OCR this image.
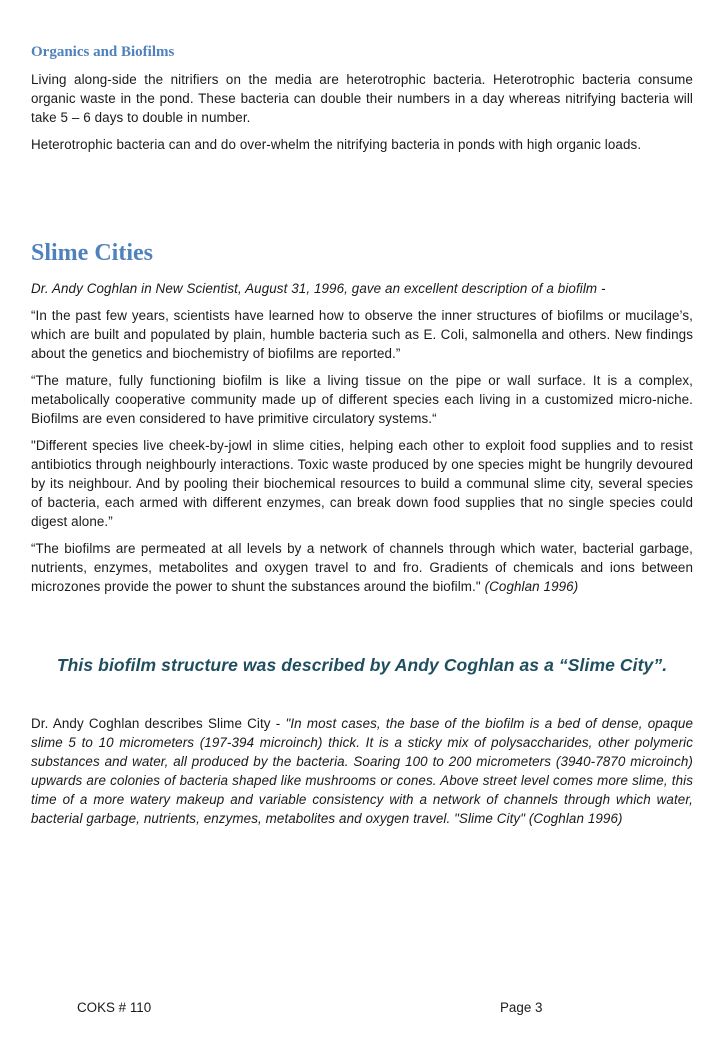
Organics and Biofilms

Living along-side the nitrifiers on the media are heterotrophic bacteria. Heterotrophic bacteria consume organic waste in the pond. These bacteria can double their numbers in a day whereas nitrifying bacteria will take 5 – 6 days to double in number.

Heterotrophic bacteria can and do over-whelm the nitrifying bacteria in ponds with high organic loads.

Slime Cities

Dr. Andy Coghlan in New Scientist, August 31, 1996, gave an excellent description of a biofilm -

“In the past few years, scientists have learned how to observe the inner structures of biofilms or mucilage’s, which are built and populated by plain, humble bacteria such as E. Coli, salmonella and others. New findings about the genetics and biochemistry of biofilms are reported.”

“The mature, fully functioning biofilm is like a living tissue on the pipe or wall surface. It is a complex, metabolically cooperative community made up of different species each living in a customized micro-niche. Biofilms are even considered to have primitive circulatory systems.“

"Different species live cheek-by-jowl in slime cities, helping each other to exploit food supplies and to resist antibiotics through neighbourly interactions. Toxic waste produced by one species might be hungrily devoured by its neighbour. And by pooling their biochemical resources to build a communal slime city, several species of bacteria, each armed with different enzymes, can break down food supplies that no single species could digest alone.”

“The biofilms are permeated at all levels by a network of channels through which water, bacterial garbage, nutrients, enzymes, metabolites and oxygen travel to and fro. Gradients of chemicals and ions between microzones provide the power to shunt the substances around the biofilm." (Coghlan 1996)

This biofilm structure was described by Andy Coghlan as a “Slime City”.

Dr. Andy Coghlan describes Slime City - "In most cases, the base of the biofilm is a bed of dense, opaque slime 5 to 10 micrometers (197-394 microinch) thick. It is a sticky mix of polysaccharides, other polymeric substances and water, all produced by the bacteria. Soaring 100 to 200 micrometers (3940-7870 microinch) upwards are colonies of bacteria shaped like mushrooms or cones. Above street level comes more slime, this time of a more watery makeup and variable consistency with a network of channels through which water, bacterial garbage, nutrients, enzymes, metabolites and oxygen travel. "Slime City" (Coghlan 1996)

COKS # 110	Page 3
